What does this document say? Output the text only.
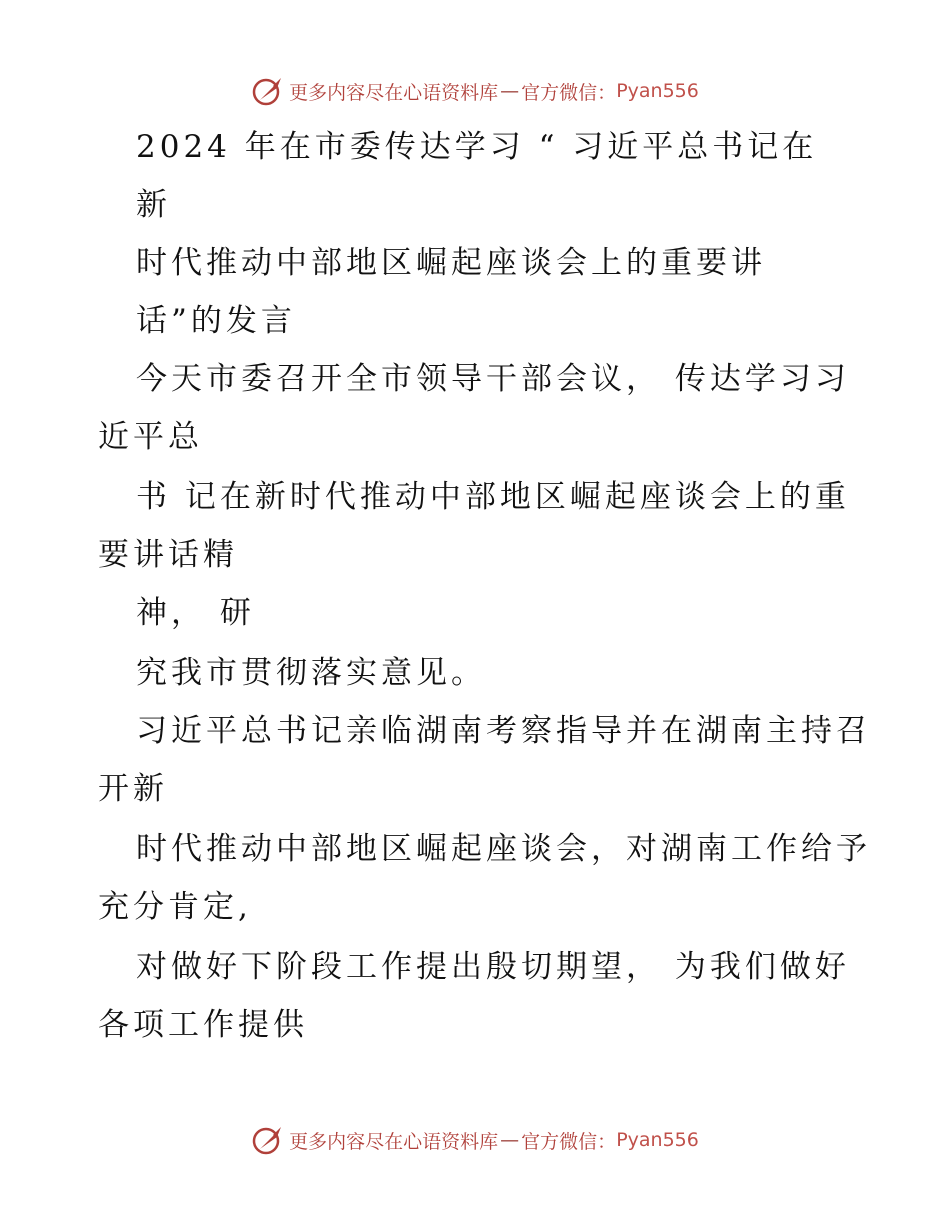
更多内容尽在心语资料库 — 官方微信： Pyan556
2024 年在市委传达学习 “ 习近平总书记在
新
时代推动中部地区崛起座谈会上的重要讲
话”的发言
今天市委召开全市领导干部会议， 传达学习习
近平总
书 记在新时代推动中部地区崛起座谈会上的重
要讲话精
神， 研
究我市贯彻落实意见。
习近平总书记亲临湖南考察指导并在湖南主持召
开新
时代推动中部地区崛起座谈会，对湖南工作给予
充分肯定,
对做好下阶段工作提出殷切期望， 为我们做好
各项工作提供
更多内容尽在心语资料库 — 官方微信： Pyan556
